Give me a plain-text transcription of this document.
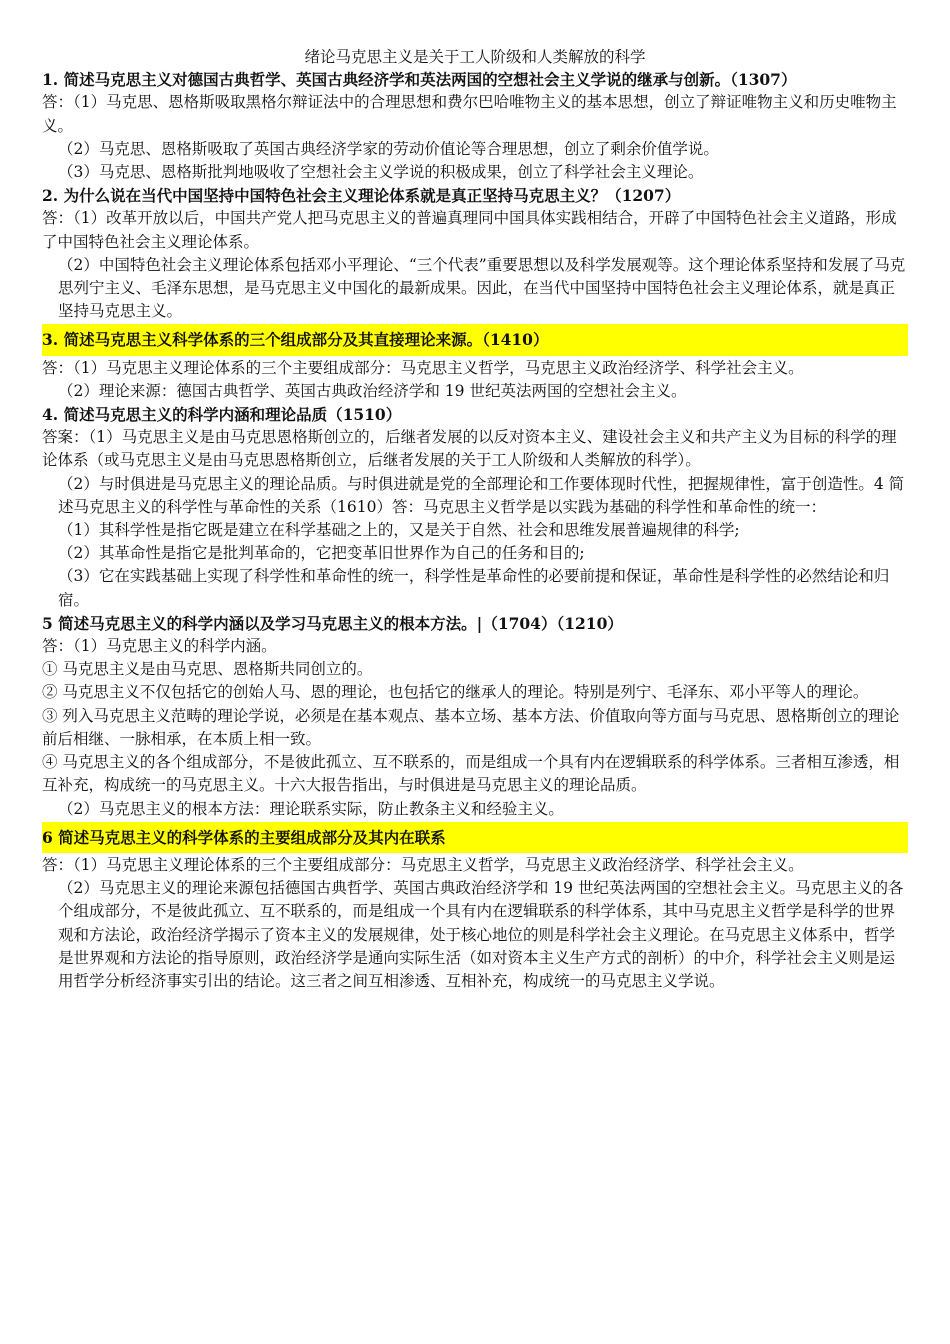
绪论马克思主义是关于工人阶级和人类解放的科学

1. 简述马克思主义对德国古典哲学、英国古典经济学和英法两国的空想社会主义学说的继承与创新。（1307）

答：（1）马克思、恩格斯吸取黑格尔辩证法中的合理思想和费尔巴哈唯物主义的基本思想，创立了辩证唯物主义和历史唯物主义。

（2）马克思、恩格斯吸取了英国古典经济学家的劳动价值论等合理思想，创立了剩余价值学说。

（3）马克思、恩格斯批判地吸收了空想社会主义学说的积极成果，创立了科学社会主义理论。

2. 为什么说在当代中国坚持中国特色社会主义理论体系就是真正坚持马克思主义？（1207）

答：（1）改革开放以后，中国共产党人把马克思主义的普遍真理同中国具体实践相结合，开辟了中国特色社会主义道路，形成了中国特色社会主义理论体系。

（2）中国特色社会主义理论体系包括邓小平理论、“三个代表”重要思想以及科学发展观等。这个理论体系坚持和发展了马克思列宁主义、毛泽东思想，是马克思主义中国化的最新成果。因此，在当代中国坚持中国特色社会主义理论体系，就是真正坚持马克思主义。

3. 简述马克思主义科学体系的三个组成部分及其直接理论来源。（1410）

答：（1）马克思主义理论体系的三个主要组成部分：马克思主义哲学，马克思主义政治经济学、科学社会主义。

（2）理论来源：德国古典哲学、英国古典政治经济学和 19 世纪英法两国的空想社会主义。

4. 简述马克思主义的科学内涵和理论品质（1510）

答案：（1）马克思主义是由马克思恩格斯创立的，后继者发展的以反对资本主义、建设社会主义和共产主义为目标的科学的理论体系（或马克思主义是由马克思恩格斯创立，后继者发展的关于工人阶级和人类解放的科学）。

（2）与时俱进是马克思主义的理论品质。与时俱进就是党的全部理论和工作要体现时代性，把握规律性，富于创造性。4 简述马克思主义的科学性与革命性的关系（1610）答：马克思主义哲学是以实践为基础的科学性和革命性的统一：

（1）其科学性是指它既是建立在科学基础之上的，又是关于自然、社会和思维发展普遍规律的科学;

（2）其革命性是指它是批判革命的，它把变革旧世界作为自己的任务和目的;

（3）它在实践基础上实现了科学性和革命性的统一，科学性是革命性的必要前提和保证，革命性是科学性的必然结论和归宿。

5 简述马克思主义的科学内涵以及学习马克思主义的根本方法。|（1704）（1210）

答：（1）马克思主义的科学内涵。

① 马克思主义是由马克思、恩格斯共同创立的。

② 马克思主义不仅包括它的创始人马、恩的理论，也包括它的继承人的理论。特别是列宁、毛泽东、邓小平等人的理论。

③ 列入马克思主义范畴的理论学说，必须是在基本观点、基本立场、基本方法、价值取向等方面与马克思、恩格斯创立的理论前后相继、一脉相承，在本质上相一致。

④ 马克思主义的各个组成部分，不是彼此孤立、互不联系的，而是组成一个具有内在逻辑联系的科学体系。三者相互渗透，相互补充，构成统一的马克思主义。十六大报告指出，与时俱进是马克思主义的理论品质。

（2）马克思主义的根本方法：理论联系实际，防止教条主义和经验主义。

6 简述马克思主义的科学体系的主要组成部分及其内在联系

答：（1）马克思主义理论体系的三个主要组成部分：马克思主义哲学，马克思主义政治经济学、科学社会主义。

（2）马克思主义的理论来源包括德国古典哲学、英国古典政治经济学和 19 世纪英法两国的空想社会主义。马克思主义的各个组成部分，不是彼此孤立、互不联系的，而是组成一个具有内在逻辑联系的科学体系，其中马克思主义哲学是科学的世界观和方法论，政治经济学揭示了资本主义的发展规律，处于核心地位的则是科学社会主义理论。在马克思主义体系中，哲学是世界观和方法论的指导原则，政治经济学是通向实际生活（如对资本主义生产方式的剖析）的中介，科学社会主义则是运用哲学分析经济事实引出的结论。这三者之间互相渗透、互相补充，构成统一的马克思主义学说。
